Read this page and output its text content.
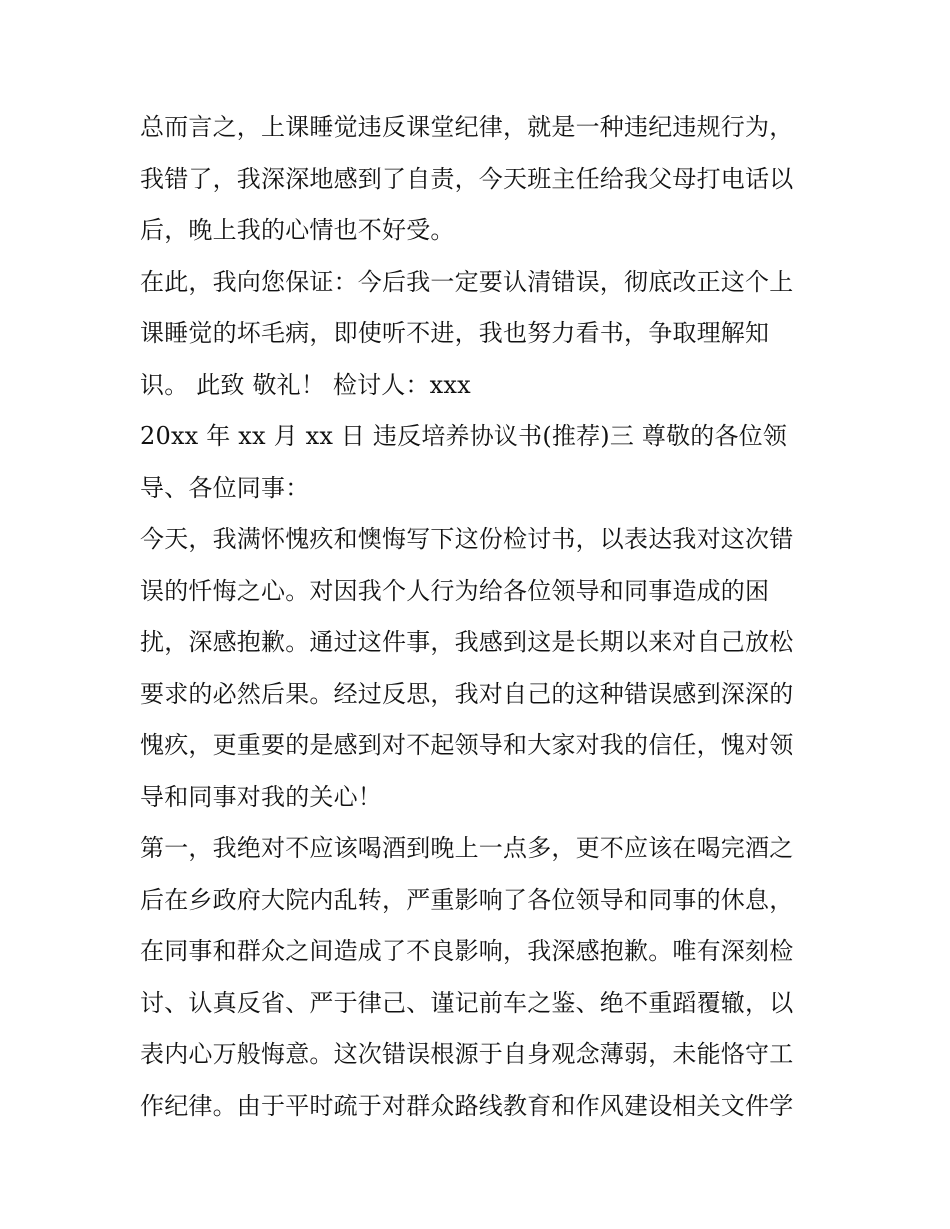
总而言之，上课睡觉违反课堂纪律，就是一种违纪违规行为，
我错了，我深深地感到了自责，今天班主任给我父母打电话以
后，晚上我的心情也不好受。
在此，我向您保证：今后我一定要认清错误，彻底改正这个上
课睡觉的坏毛病，即使听不进，我也努力看书，争取理解知
识。 此致 敬礼！ 检讨人：xxx
20xx 年 xx 月 xx 日 违反培养协议书(推荐)三 尊敬的各位领
导、各位同事：
今天，我满怀愧疚和懊悔写下这份检讨书，以表达我对这次错
误的忏悔之心。对因我个人行为给各位领导和同事造成的困
扰，深感抱歉。通过这件事，我感到这是长期以来对自己放松
要求的必然后果。经过反思，我对自己的这种错误感到深深的
愧疚，更重要的是感到对不起领导和大家对我的信任，愧对领
导和同事对我的关心！
第一，我绝对不应该喝酒到晚上一点多，更不应该在喝完酒之
后在乡政府大院内乱转，严重影响了各位领导和同事的休息，
在同事和群众之间造成了不良影响，我深感抱歉。唯有深刻检
讨、认真反省、严于律己、谨记前车之鉴、绝不重蹈覆辙，以
表内心万般悔意。这次错误根源于自身观念薄弱，未能恪守工
作纪律。由于平时疏于对群众路线教育和作风建设相关文件学
